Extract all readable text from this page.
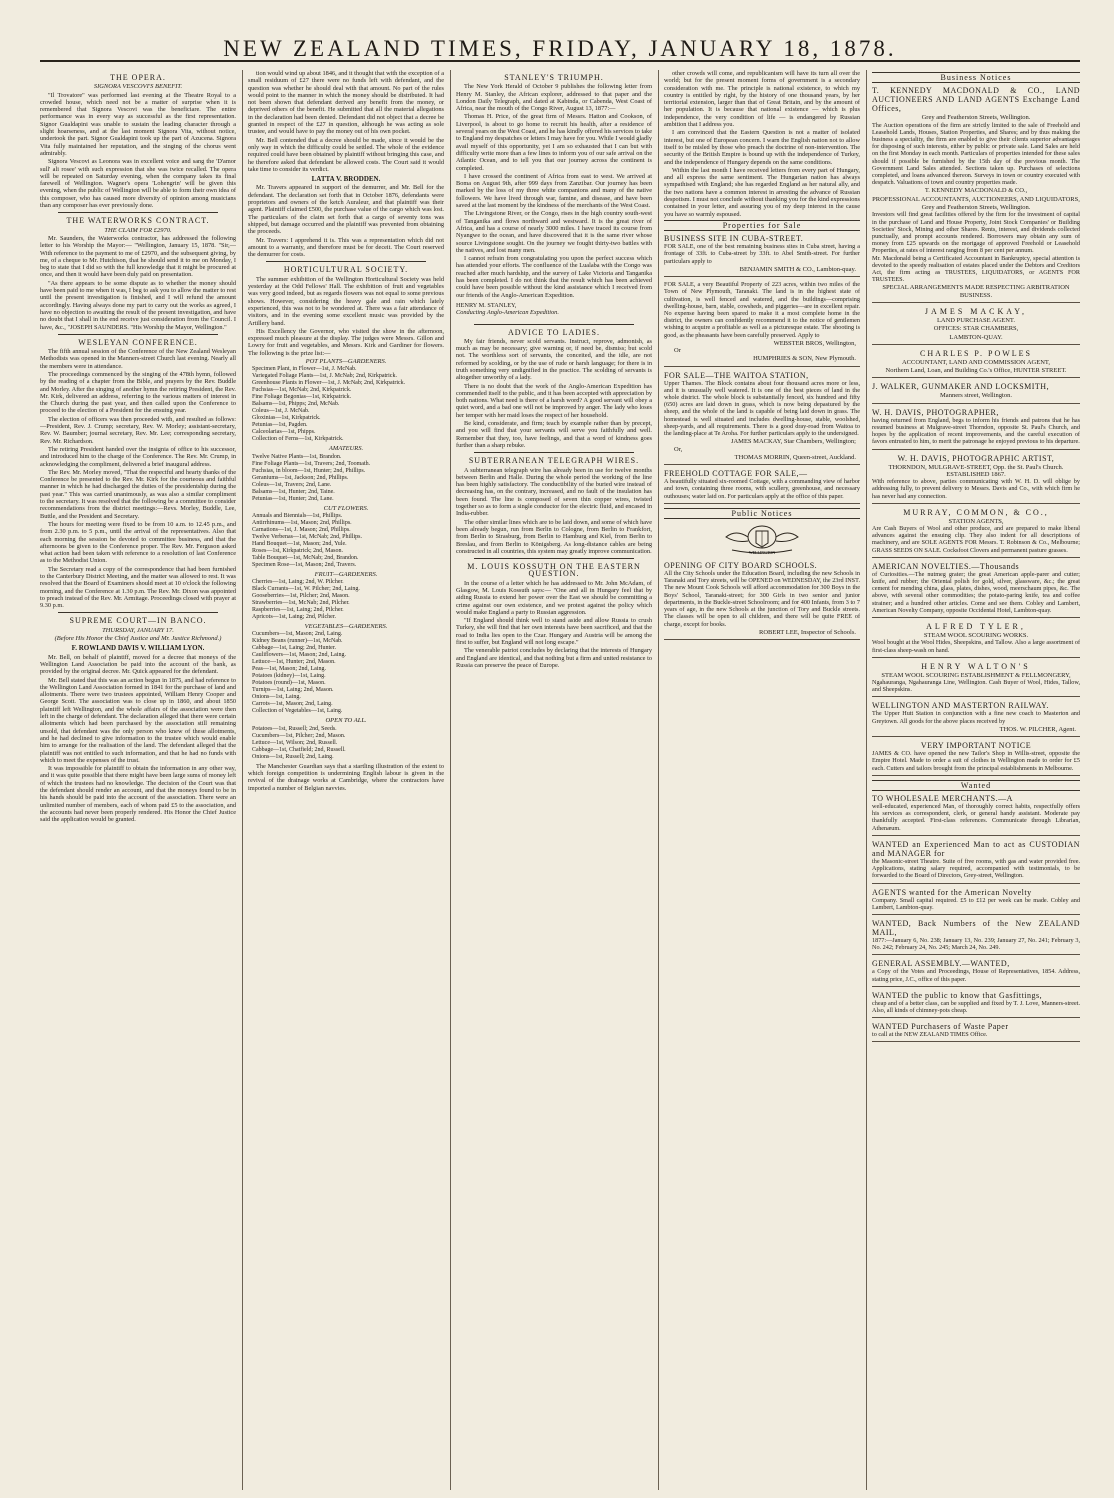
NEW ZEALAND TIMES, FRIDAY, JANUARY 18, 1878.
THE OPERA.
SIGNORA VESCOVI'S BENEFIT.

"Il Trovatore" was performed last evening at the Theatre Royal to a crowded house, which need not be a matter of surprise when it is remembered that Signora Vescovi was the beneficiare. The entire performance was in every way as successful as the first representation. Signor Gualdapini was unable to sustain the leading character through a slight hoarseness, and at the last moment Signora Vita, without notice, undertook the part. Signor Gualdapini took up the part of Azucena. Signora Vita fully maintained her reputation, and the singing of the chorus went admirably.

Signora Vescovi as Leonora was in excellent voice and sang the 'D'amor sull' ali rosee' with such expression that she was twice recalled. The opera will be repeated on Saturday evening, when the company takes its final farewell of Wellington. Wagner's opera 'Lohengrin' will be given this evening, when the public of Wellington will be able to form their own idea of this composer, who has caused more diversity of opinion among musicians than any composer has ever previously done.

THE WATERWORKS CONTRACT.
THE CLAIM FOR £2970.

Mr. Saunders, the Waterworks contractor, has addressed the following letter to his Worship the Mayor:— "Wellington, January 15, 1878. "Sir,—With reference to the payment to me of £2970, and the subsequent giving, by me, of a cheque to Mr. Hutchison, that he should send it to me on Monday, I beg to state that I did so with the full knowledge that it might be procured at once, and then it would have been duly paid on presentation.

"As there appears to be some dispute as to whether the money should have been paid to me when it was, I beg to ask you to allow the matter to rest until the present investigation is finished, and I will refund the amount accordingly. Having always done my part to carry out the works as agreed, I have no objection to awaiting the result of the present investigation, and have no doubt that I shall in the end receive just consideration from the Council. I have, &c., "JOSEPH SAUNDERS. "His Worship the Mayor, Wellington."

WESLEYAN CONFERENCE.

The fifth annual session of the Conference of the New Zealand Wesleyan Methodists was opened in the Manners-street Church last evening. Nearly all the members were in attendance.

The proceedings commenced by the singing of the 478th hymn, followed by the reading of a chapter from the Bible, and prayers by the Rev. Buddle and Morley. After the singing of another hymn the retiring President, the Rev. Mr. Kirk, delivered an address, referring to the various matters of interest in the Church during the past year, and then called upon the Conference to proceed to the election of a President for the ensuing year.

The election of officers was then proceeded with, and resulted as follows:—President, Rev. J. Crump; secretary, Rev. W. Morley; assistant-secretary, Rev. W. Baumber; journal secretary, Rev. Mr. Lee; corresponding secretary, Rev. Mr. Richardson.

The retiring President handed over the insignia of office to his successor, and introduced him to the charge of the Conference. The Rev. Mr. Crump, in acknowledging the compliment, delivered a brief inaugural address.

The Rev. Mr. Morley moved, "That the respectful and hearty thanks of the Conference be presented to the Rev. Mr. Kirk for the courteous and faithful manner in which he had discharged the duties of the presidentship during the past year." This was carried unanimously, as was also a similar compliment to the secretary. It was resolved that the following be a committee to consider recommendations from the district meetings:—Revs. Morley, Buddle, Lee, Buttle, and the President and Secretary.

The hours for meeting were fixed to be from 10 a.m. to 12.45 p.m., and from 2.30 p.m. to 5 p.m., until the arrival of the representatives. Also that each morning the session be devoted to committee business, and that the afternoons be given to the Conference proper. The Rev. Mr. Ferguson asked what action had been taken with reference to a resolution of last Conference as to the Methodist Union.

The Secretary read a copy of the correspondence that had been furnished to the Canterbury District Meeting, and the matter was allowed to rest. It was resolved that the Board of Examiners should meet at 10 o'clock the following morning, and the Conference at 1.30 p.m. The Rev. Mr. Dixon was appointed to preach instead of the Rev. Mr. Armitage. Proceedings closed with prayer at 9.30 p.m.

SUPREME COURT—IN BANCO.
THURSDAY, JANUARY 17.
(Before His Honor the Chief Justice and Mr. Justice Richmond.)
F. ROWLAND DAVIS V. WILLIAM LYON.

Mr. Bell, on behalf of plaintiff, moved for a decree that moneys of the Wellington Land Association be paid into the account of the bank, as provided by the original decree. Mr. Quick appeared for the defendant.

Mr. Bell stated that this was an action begun in 1875, and had reference to the Wellington Land Association formed in 1841 for the purchase of land and allotments. There were two trustees appointed, William Henry Cooper and George Scott. The association was to close up in 1860, and about 1850 plaintiff left Wellington, and the whole affairs of the association were then left in the charge of defendant. The declaration alleged that there were certain allotments which had been purchased by the association still remaining unsold, that defendant was the only person who knew of these allotments, and he had declined to give information to the trustee which would enable him to arrange for the realisation of the land. The defendant alleged that the plaintiff was not entitled to such information, and that he had no funds with which to meet the expenses of the trust.

It was impossible for plaintiff to obtain the information in any other way, and it was quite possible that there might have been large sums of money left of which the trustees had no knowledge. The decision of the Court was that the defendant should render an account, and that the moneys found to be in his hands should be paid into the account of the association. There were an unlimited number of members, each of whom paid £5 to the association, and the accounts had never been properly rendered. His Honor the Chief Justice said the application would be granted.

tion would wind up about 1846, and it thought that with the exception of a small residuum of £27 there were no funds left with defendant, and the question was whether he should deal with that amount. No part of the rules would point to the manner in which the money should be distributed. It had not been shown that defendant derived any benefit from the money, or deprived others of the benefit. He submitted that all the material allegations in the declaration had been denied. Defendant did not object that a decree be granted in respect of the £27 in question, although he was acting as sole trustee, and would have to pay the money out of his own pocket.

Mr. Bell contended that a decree should be made, since it would be the only way in which the difficulty could be settled. The whole of the evidence required could have been obtained by plaintiff without bringing this case, and he therefore asked that defendant be allowed costs. The Court said it would take time to consider its verdict.

LATTA V. BRODDEN.

Mr. Travers appeared in support of the demurrer, and Mr. Bell for the defendant. The declaration set forth that in October 1876, defendants were proprietors and owners of the ketch Auraleur, and that plaintiff was their agent. Plaintiff claimed £500, the purchase value of the cargo which was lost. The particulars of the claim set forth that a cargo of seventy tons was shipped, but damage occurred and the plaintiff was prevented from obtaining the proceeds.

Mr. Travers: I apprehend it is. This was a representation which did not amount to a warranty, and therefore must be for deceit. The Court reserved the demurrer for costs.

HORTICULTURAL SOCIETY.

The summer exhibition of the Wellington Horticultural Society was held yesterday at the Odd Fellows' Hall. The exhibition of fruit and vegetables was very good indeed, but as regards flowers was not equal to some previous shows. However, considering the heavy gale and rain which lately experienced, this was not to be wondered at. There was a fair attendance of visitors, and in the evening some excellent music was provided by the Artillery band.

His Excellency the Governor, who visited the show in the afternoon, expressed much pleasure at the display. The judges were Messrs. Gillon and Lowry for fruit and vegetables, and Messrs. Kirk and Gardiner for flowers. The following is the prize list:—

POT PLANTS—GARDENERS.
Specimen Plant, in Flower—1st, J. McNab.
Variegated Foliage Plants—1st, J. McNab; 2nd, Kirkpatrick.
Greenhouse Plants in Flower—1st, J. McNab; 2nd, Kirkpatrick.
Fuchsias—1st, McNab; 2nd, Kirkpatrick.
Fine Foliage Begonias—1st, Kirkpatrick.
Balsams—1st, Phipps; 2nd, McNab.
Coleus—1st, J. McNab.
Gloxinias—1st, Kirkpatrick.
Petunias—1st, Pagden.
Calceolarias—1st, Phipps.
Collection of Ferns—1st, Kirkpatrick.
AMATEURS.
Twelve Native Plants—1st, Brandon.
Fine Foliage Plants—1st, Travers; 2nd, Toomath.
Fuchsias, in bloom—1st, Hunter; 2nd, Phillips.
Geraniums—1st, Jackson; 2nd, Phillips.
Coleus—1st, Travers; 2nd, Lane.
Balsams—1st, Hunter; 2nd, Taine.
Petunias—1st, Hunter; 2nd, Lane.
CUT FLOWERS.
Annuals and Biennials—1st, Phillips.
Antirrhinums—1st, Mason; 2nd, Phillips.
Carnations—1st, J. Mason; 2nd, Phillips.
Twelve Verbenas—1st, McNab; 2nd, Phillips.
Hand Bouquet—1st, Mason; 2nd, Yule.
Roses—1st, Kirkpatrick; 2nd, Mason.
Table Bouquet—1st, McNab; 2nd, Brandon.
Specimen Rose—1st, Mason; 2nd, Travers.
FRUIT—GARDENERS.
Cherries—1st, Laing; 2nd, W. Pilcher.
Black Currants—1st, W. Pilcher; 2nd, Laing.
Gooseberries—1st, Pilcher; 2nd, Mason.
Strawberries—1st, McNab; 2nd, Pilcher.
Raspberries—1st, Laing; 2nd, Pilcher.
Apricots—1st, Laing; 2nd, Pilcher.
VEGETABLES—GARDENERS.
Cucumbers—1st, Mason; 2nd, Laing.
Kidney Beans (runner)—1st, McNab.
Cabbage—1st, Laing; 2nd, Hunter.
Cauliflowers—1st, Mason; 2nd, Laing.
Lettuce—1st, Hunter; 2nd, Mason.
Peas—1st, Mason; 2nd, Laing.
Potatoes (kidney)—1st, Laing.
Potatoes (round)—1st, Mason.
Turnips—1st, Laing; 2nd, Mason.
Onions—1st, Laing.
Carrots—1st, Mason; 2nd, Laing.
Collection of Vegetables—1st, Laing.
OPEN TO ALL.
Potatoes—1st, Russell; 2nd, Seeds.
Cucumbers—1st, Pilcher; 2nd, Mason.
Lettuce—1st, Wilson; 2nd, Russell.
Cabbage—1st, Chatfield; 2nd, Russell.
Onions—1st, Russell; 2nd, Laing.

The Manchester Guardian says that a startling illustration of the extent to which foreign competition is undermining English labour is given in the revival of the drainage works at Cambridge, where the contractors have imported a number of Belgian navvies.

STANLEY'S TRIUMPH.

The New York Herald of October 9 publishes the following letter from Henry M. Stanley, the African explorer, addressed to that paper and the London Daily Telegraph, and dated at Kabinda, or Cabenda, West Coast of Africa, near the mouth of the Congo River, August 13, 1877:—

Thomas H. Price, of the great firm of Messrs. Hatton and Cookson, of Liverpool, is about to go home to recruit his health, after a residence of several years on the West Coast, and he has kindly offered his services to take to England my despatches or letters I may have for you. While I would gladly avail myself of this opportunity, yet I am so exhausted that I can but with difficulty write more than a few lines to inform you of our safe arrival on the Atlantic Ocean, and to tell you that our journey across the continent is completed.

I have crossed the continent of Africa from east to west. We arrived at Boma on August 9th, after 999 days from Zanzibar. Our journey has been marked by the loss of my three white companions and many of the native followers. We have lived through war, famine, and disease, and have been saved at the last moment by the kindness of the merchants of the West Coast.

The Livingstone River, or the Congo, rises in the high country south-west of Tanganika and flows northward and westward. It is the great river of Africa, and has a course of nearly 3000 miles. I have traced its course from Nyangwe to the ocean, and have discovered that it is the same river whose source Livingstone sought. On the journey we fought thirty-two battles with the natives, and lost many men.

I cannot refrain from congratulating you upon the perfect success which has attended your efforts. The confluence of the Lualaba with the Congo was reached after much hardship, and the survey of Lake Victoria and Tanganika has been completed. I do not think that the result which has been achieved could have been possible without the kind assistance which I received from our friends of the Anglo-American Expedition.

HENRY M. STANLEY,
Conducting Anglo-American Expedition.
ADVICE TO LADIES.

My fair friends, never scold servants. Instruct, reprove, admonish, as much as may be necessary; give warning or, if need be, dismiss; but scold not. The worthless sort of servants, the conceited, and the idle, are not reformed by scolding, or by the use of rude or harsh language; for there is in truth something very undignified in the practice. The scolding of servants is altogether unworthy of a lady.

There is no doubt that the work of the Anglo-American Expedition has commended itself to the public, and it has been accepted with appreciation by both nations. What need is there of a harsh word? A good servant will obey a quiet word, and a bad one will not be improved by anger. The lady who loses her temper with her maid loses the respect of her household.

Be kind, considerate, and firm; teach by example rather than by precept, and you will find that your servants will serve you faithfully and well. Remember that they, too, have feelings, and that a word of kindness goes further than a sharp rebuke.

SUBTERRANEAN TELEGRAPH WIRES.

A subterranean telegraph wire has already been in use for twelve months between Berlin and Halle. During the whole period the working of the line has been highly satisfactory. The conductibility of the buried wire instead of decreasing has, on the contrary, increased, and no fault of the insulation has been found. The line is composed of seven thin copper wires, twisted together so as to form a single conductor for the electric fluid, and encased in India-rubber.

The other similar lines which are to be laid down, and some of which have been already begun, run from Berlin to Cologne, from Berlin to Frankfort, from Berlin to Strasburg, from Berlin to Hamburg and Kiel, from Berlin to Breslau, and from Berlin to Königsberg. As long-distance cables are being constructed in all countries, this system may greatly improve communication.

M. LOUIS KOSSUTH ON THE EASTERN QUESTION.

In the course of a letter which he has addressed to Mr. John McAdam, of Glasgow, M. Louis Kossuth says:— "One and all in Hungary feel that by aiding Russia to extend her power over the East we should be committing a crime against our own existence, and we protest against the policy which would make England a party to Russian aggression.

"If England should think well to stand aside and allow Russia to crush Turkey, she will find that her own interests have been sacrificed, and that the road to India lies open to the Czar. Hungary and Austria will be among the first to suffer, but England will not long escape."

The venerable patriot concludes by declaring that the interests of Hungary and England are identical, and that nothing but a firm and united resistance to Russia can preserve the peace of Europe.

other crowds will come, and republicanism will have its turn all over the world; but for the present moment forms of government is a secondary consideration with me. The principle is national existence, to which my country is entitled by right, by the history of one thousand years, by her territorial extension, larger than that of Great Britain, and by the amount of her population. It is because that national existence — which is plus independence, the very condition of life — is endangered by Russian ambition that I address you.

I am convinced that the Eastern Question is not a matter of isolated interest, but one of European concern. I warn the English nation not to allow itself to be misled by those who preach the doctrine of non-intervention. The security of the British Empire is bound up with the independence of Turkey, and the independence of Hungary depends on the same conditions.

Within the last month I have received letters from every part of Hungary, and all express the same sentiment. The Hungarian nation has always sympathised with England; she has regarded England as her natural ally, and the two nations have a common interest in arresting the advance of Russian despotism. I must not conclude without thanking you for the kind expressions contained in your letter, and assuring you of my deep interest in the cause you have so warmly espoused.

Properties for Sale
BUSINESS SITE IN CUBA-STREET.
FOR SALE, one of the best remaining business sites in Cuba street, having a frontage of 33ft. to Cuba-street by 33ft. to Abel Smith-street. For further particulars apply to
BENJAMIN SMITH & CO., Lambton-quay.
FOR SALE, a very Beautiful Property of 223 acres, within two miles of the Town of New Plymouth, Taranaki. The land is in the highest state of cultivation, is well fenced and watered, and the buildings—comprising dwelling-house, barn, stable, cowsheds, and piggeries—are in excellent repair. No expense having been spared to make it a most complete home in the district, the owners can confidently recommend it to the notice of gentlemen wishing to acquire a profitable as well as a picturesque estate. The shooting is good, as the pheasants have been carefully preserved. Apply to
WEBSTER BROS, Wellington,
Or
HUMPHRIES & SON, New Plymouth.
FOR SALE—THE WAITOA STATION,
Upper Thames. The Block contains about four thousand acres more or less, and it is unusually well watered. It is one of the best pieces of land in the whole district. The whole block is substantially fenced, six hundred and fifty (650) acres are laid down in grass, which is now being depastured by the sheep, and the whole of the land is capable of being laid down in grass. The homestead is well situated and includes dwelling-house, stable, woolshed, sheep-yards, and all requirements. There is a good dray-road from Waitoa to the landing-place at Te Aroha. For further particulars apply to the undersigned.
JAMES MACKAY, Star Chambers, Wellington;
Or,
THOMAS MORRIN, Queen-street, Auckland.
FREEHOLD COTTAGE FOR SALE,—
A beautifully situated six-roomed Cottage, with a commanding view of harbor and town, containing three rooms, with scullery, greenhouse, and necessary outhouses; water laid on. For particulars apply at the office of this paper.
Public Notices
WELLINGTON
OPENING OF CITY BOARD SCHOOLS.
All the City Schools under the Education Board, including the new Schools in Taranaki and Tory streets, will be OPENED on WEDNESDAY, the 23rd INST. The new Mount Cook Schools will afford accommodation for 300 Boys in the Boys' School, Taranaki-street; for 300 Girls in two senior and junior departments, in the Buckle-street Schoolroom; and for 400 Infants, from 3 to 7 years of age, in the new Schools at the junction of Tory and Buckle streets. The classes will be open to all children, and there will be quite FREE of charge, except for books.
ROBERT LEE, Inspector of Schools.
Business Notices
T. KENNEDY MACDONALD & CO., LAND AUCTIONEERS AND LAND AGENTS Exchange Land Offices,
Grey and Featherston Streets, Wellington.
The Auction operations of the firm are strictly limited to the sale of Freehold and Leasehold Lands, Houses, Station Properties, and Shares; and by thus making the business a speciality, the firm are enabled to give their clients superior advantages for disposing of such interests, either by public or private sale. Land Sales are held on the first Monday in each month. Particulars of properties intended for these sales should if possible be furnished by the 15th day of the previous month. The Government Land Sales attended. Sections taken up. Purchases of selections completed, and loans advanced thereon. Surveys in town or country executed with despatch. Valuations of town and country properties made.
T. KENNEDY MACDONALD & CO.,
PROFESSIONAL ACCOUNTANTS, AUCTIONEERS, AND LIQUIDATORS,
Grey and Featherston Streets, Wellington.
Investors will find great facilities offered by the firm for the investment of capital in the purchase of Land and House Property, Joint Stock Companies' or Building Societies' Stock, Mining and other Shares. Rents, interest, and dividends collected punctually, and prompt accounts rendered. Borrowers may obtain any sum of money from £25 upwards on the mortgage of approved Freehold or Leasehold Properties, at rates of interest ranging from 8 per cent per annum.
Mr. Macdonald being a Certificated Accountant in Bankruptcy, special attention is devoted to the speedy realisation of estates placed under the Debtors and Creditors Act, the firm acting as TRUSTEES, LIQUIDATORS, or AGENTS FOR TRUSTEES.
SPECIAL ARRANGEMENTS MADE RESPECTING ARBITRATION BUSINESS.
JAMES MACKAY,
LAND PURCHASE AGENT.
OFFICES: STAR CHAMBERS,
LAMBTON-QUAY.
CHARLES P. POWLES
ACCOUNTANT, LAND AND COMMISSION AGENT,
Northern Land, Loan, and Building Co.'s Office, HUNTER STREET.
J. WALKER, GUNMAKER AND LOCKSMITH,
Manners street, Wellington.
W. H. DAVIS, PHOTOGRAPHER,
having returned from England, begs to inform his friends and patrons that he has resumed business at Mulgrave-street Thorndon, opposite St. Paul's Church, and hopes by the application of recent improvements, and the careful execution of favors entrusted to him, to merit the patronage he enjoyed previous to his departure.
W. H. DAVIS, PHOTOGRAPHIC ARTIST,
THORNDON, MULGRAVE-STREET, Opp. the St. Paul's Church. ESTABLISHED 1867.
With reference to above, parties communicating with W. H. D. will oblige by addressing fully, to prevent delivery to Messrs. Davis and Co., with which firm he has never had any connection.
MURRAY, COMMON, & CO.,
STATION AGENTS,
Are Cash Buyers of Wool and other produce, and are prepared to make liberal advances against the ensuing clip. They also indent for all descriptions of machinery, and are SOLE AGENTS FOR Messrs. T. Robinson & Co., Melbourne; GRASS SEEDS ON SALE. Cocksfoot Clovers and permanent pasture grasses.
AMERICAN NOVELTIES.—Thousands
of Curiosities.—The nutmeg grater; the great American apple-parer and cutter; knife, and rubber; the Oriental polish for gold, silver, glassware, &c.; the great cement for mending china, glass, plates, dishes, wood, meerschaum pipes, &c. The above, with several other commodities; the potato-paring knife, tea and coffee strainer; and a hundred other articles. Come and see them. Cobley and Lambert, American Novelty Company, opposite Occidental Hotel, Lambton-quay.
ALFRED TYLER,
STEAM WOOL SCOURING WORKS.
Wool bought at the Wool Hides, Sheepskins, and Tallow. Also a large assortment of first-class sheep-wash on hand.
HENRY WALTON'S
STEAM WOOL SCOURING ESTABLISHMENT & FELLMONGERY,
Ngahauranga, Ngahauranga Line, Wellington. Cash Buyer of Wool, Hides, Tallow, and Sheepskins.
WELLINGTON AND MASTERTON RAILWAY.
The Upper Hutt Station in conjunction with a fine new coach to Masterton and Greytown. All goods for the above places received by
THOS. W. PILCHER, Agent.
VERY IMPORTANT NOTICE
JAMES & CO. have opened the new Tailor's Shop in Willis-street, opposite the Empire Hotel. Made to order a suit of clothes in Wellington made to order for £5 each. Cutters and tailors brought from the principal establishments in Melbourne.
Wanted
TO WHOLESALE MERCHANTS.—A
well-educated, experienced Man, of thoroughly correct habits, respectfully offers his services as correspondent, clerk, or general handy assistant. Moderate pay thankfully accepted. First-class references. Communicate through Librarian, Athenæum.
WANTED an Experienced Man to act as CUSTODIAN and MANAGER for
the Masonic-street Theatre. Suite of five rooms, with gas and water provided free. Applications, stating salary required, accompanied with testimonials, to be forwarded to the Board of Directors, Grey-street, Wellington.
AGENTS wanted for the American Novelty
Company. Small capital required. £5 to £12 per week can be made. Cobley and Lambert, Lambton-quay.
WANTED, Back Numbers of the New ZEALAND MAIL,
1877:—January 6, No. 238; January 13, No. 239; January 27, No. 241; February 3, No. 242; February 24, No. 245; March 24, No. 249.
GENERAL ASSEMBLY.—WANTED,
a Copy of the Votes and Proceedings, House of Representatives, 1854. Address, stating price, J.C., office of this paper.
WANTED the public to know that Gasfittings,
cheap and of a better class, can be supplied and fixed by T. J. Love, Manners-street. Also, all kinds of chimney-pots cheap.
WANTED Purchasers of Waste Paper
to call at the NEW ZEALAND TIMES Office.
